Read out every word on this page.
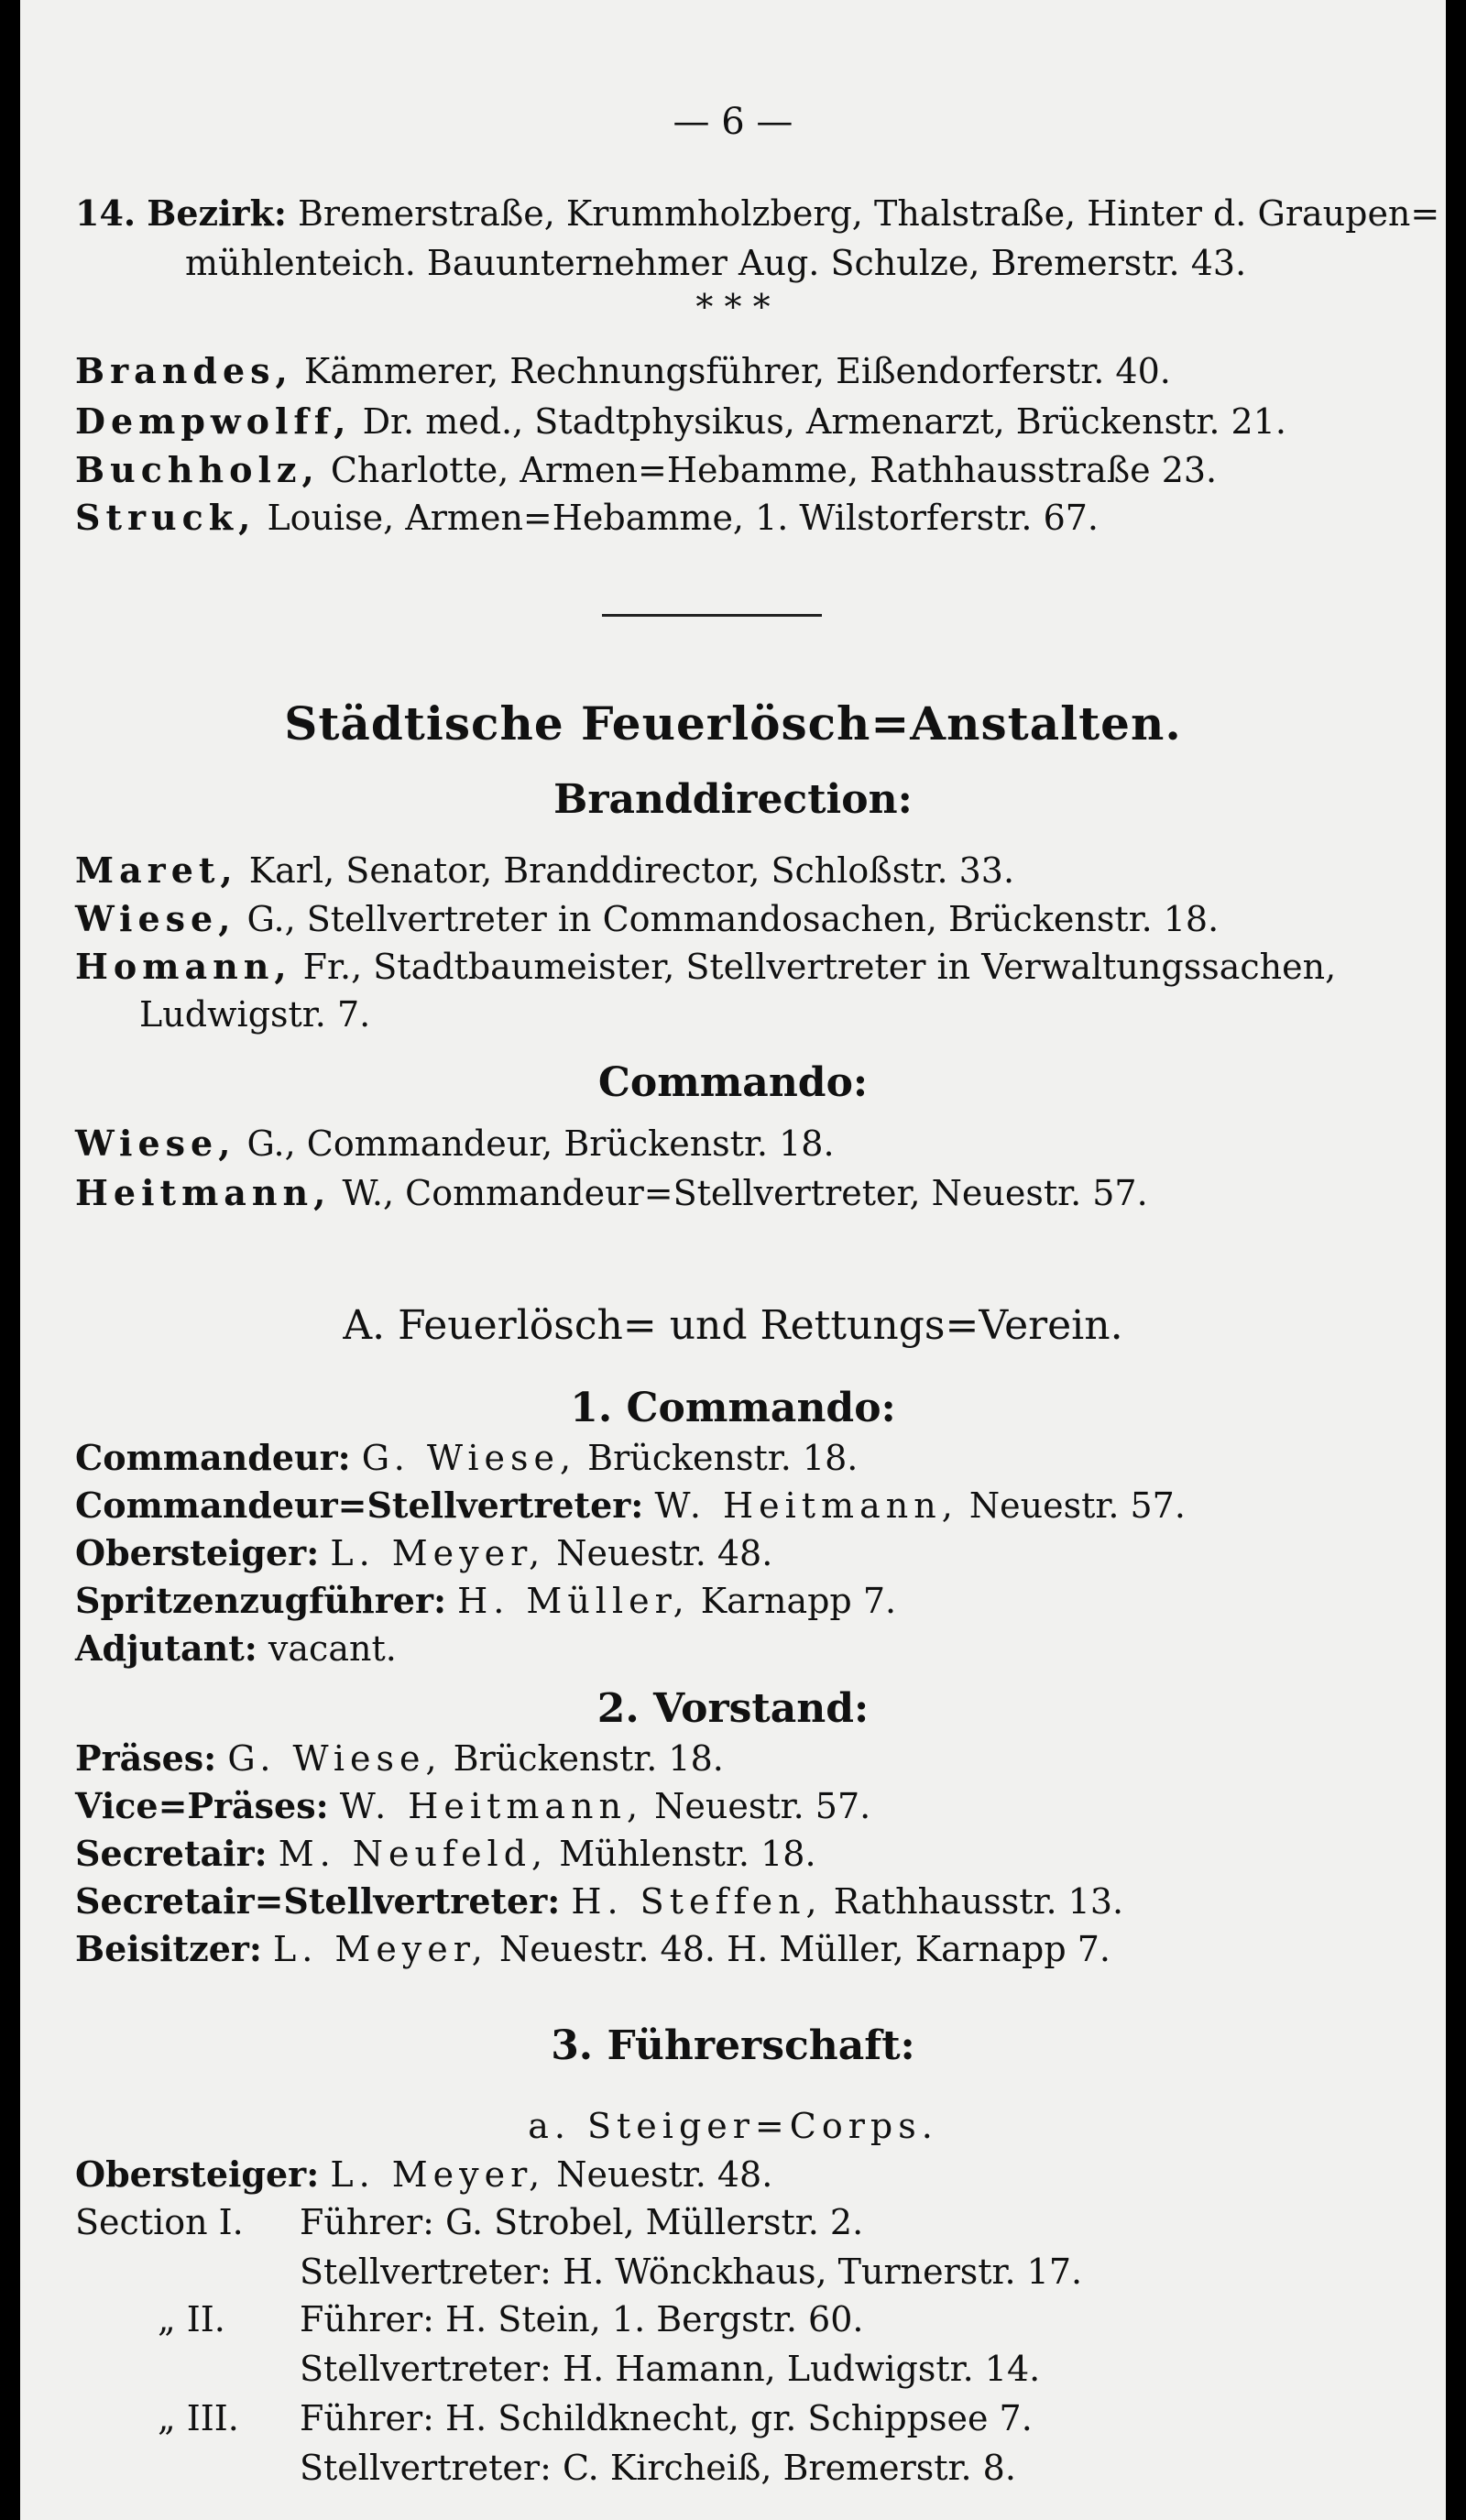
— 6 —
14. Bezirk: Bremerstraße, Krummholzberg, Thalstraße, Hinter d. Graupen=
mühlenteich. Bauunternehmer Aug. Schulze, Bremerstr. 43.
* * *
Brandes, Kämmerer, Rechnungsführer, Eißendorferstr. 40.
Dempwolff, Dr. med., Stadtphysikus, Armenarzt, Brückenstr. 21.
Buchholz, Charlotte, Armen=Hebamme, Rathhausstraße 23.
Struck, Louise, Armen=Hebamme, 1. Wilstorferstr. 67.
Städtische Feuerlösch=Anstalten.
Branddirection:
Maret, Karl, Senator, Branddirector, Schloßstr. 33.
Wiese, G., Stellvertreter in Commandosachen, Brückenstr. 18.
Homann, Fr., Stadtbaumeister, Stellvertreter in Verwaltungssachen,
Ludwigstr. 7.
Commando:
Wiese, G., Commandeur, Brückenstr. 18.
Heitmann, W., Commandeur=Stellvertreter, Neuestr. 57.
A. Feuerlösch= und Rettungs=Verein.
1. Commando:
Commandeur: G. Wiese, Brückenstr. 18.
Commandeur=Stellvertreter: W. Heitmann, Neuestr. 57.
Obersteiger: L. Meyer, Neuestr. 48.
Spritzenzugführer: H. Müller, Karnapp 7.
Adjutant: vacant.
2. Vorstand:
Präses: G. Wiese, Brückenstr. 18.
Vice=Präses: W. Heitmann, Neuestr. 57.
Secretair: M. Neufeld, Mühlenstr. 18.
Secretair=Stellvertreter: H. Steffen, Rathhausstr. 13.
Beisitzer: L. Meyer, Neuestr. 48. H. Müller, Karnapp 7.
3. Führerschaft:
a. Steiger=Corps.
Obersteiger: L. Meyer, Neuestr. 48.
Section I. Führer: G. Strobel, Müllerstr. 2.
Stellvertreter: H. Wönckhaus, Turnerstr. 17.
„ II. Führer: H. Stein, 1. Bergstr. 60.
Stellvertreter: H. Hamann, Ludwigstr. 14.
„ III. Führer: H. Schildknecht, gr. Schippsee 7.
Stellvertreter: C. Kircheiß, Bremerstr. 8.
